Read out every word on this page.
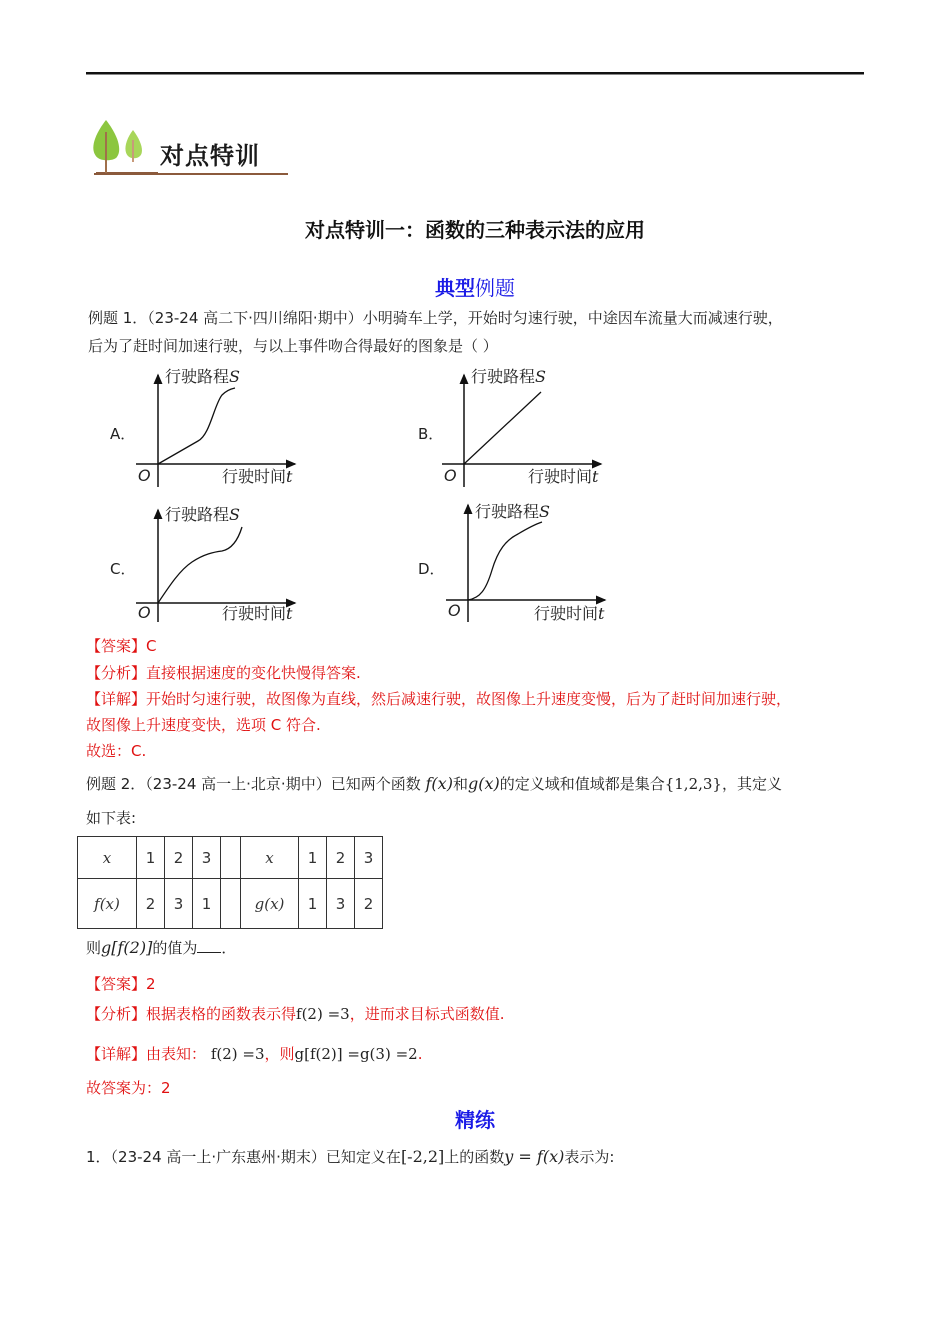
对点特训
对点特训一：函数的三种表示法的应用
典型例题
例题 1．（23-24 高二下·四川绵阳·期中）小明骑车上学，开始时匀速行驶，中途因车流量大而减速行驶，
后为了赶时间加速行驶，与以上事件吻合得最好的图象是（ ）
A．
行驶路程S
O	行驶时间t
B．
行驶路程S
O	行驶时间t
C．
行驶路程S
O	行驶时间t
D．
行驶路程S
O	行驶时间t
【答案】C
【分析】直接根据速度的变化快慢得答案.
【详解】开始时匀速行驶，故图像为直线，然后减速行驶，故图像上升速度变慢，后为了赶时间加速行驶，
故图像上升速度变快，选项 C 符合.
故选：C.
例题 2．（23-24 高一上·北京·期中）已知两个函数 f(x)和g(x)的定义域和值域都是集合{1,2,3}，其定义
如下表:
x	1	2	3		x	1	2	3
f(x)	2	3	1		g(x)	1	3	2
则g[f(2)]的值为 ．
【答案】2
【分析】根据表格的函数表示得f(2) =3，进而求目标式函数值.
【详解】由表知： f(2) =3，则g[f(2)] =g(3) =2.
故答案为：2
精练
1．（23-24 高一上·广东惠州·期末）已知定义在[-2,2]上的函数y = f(x)表示为:
